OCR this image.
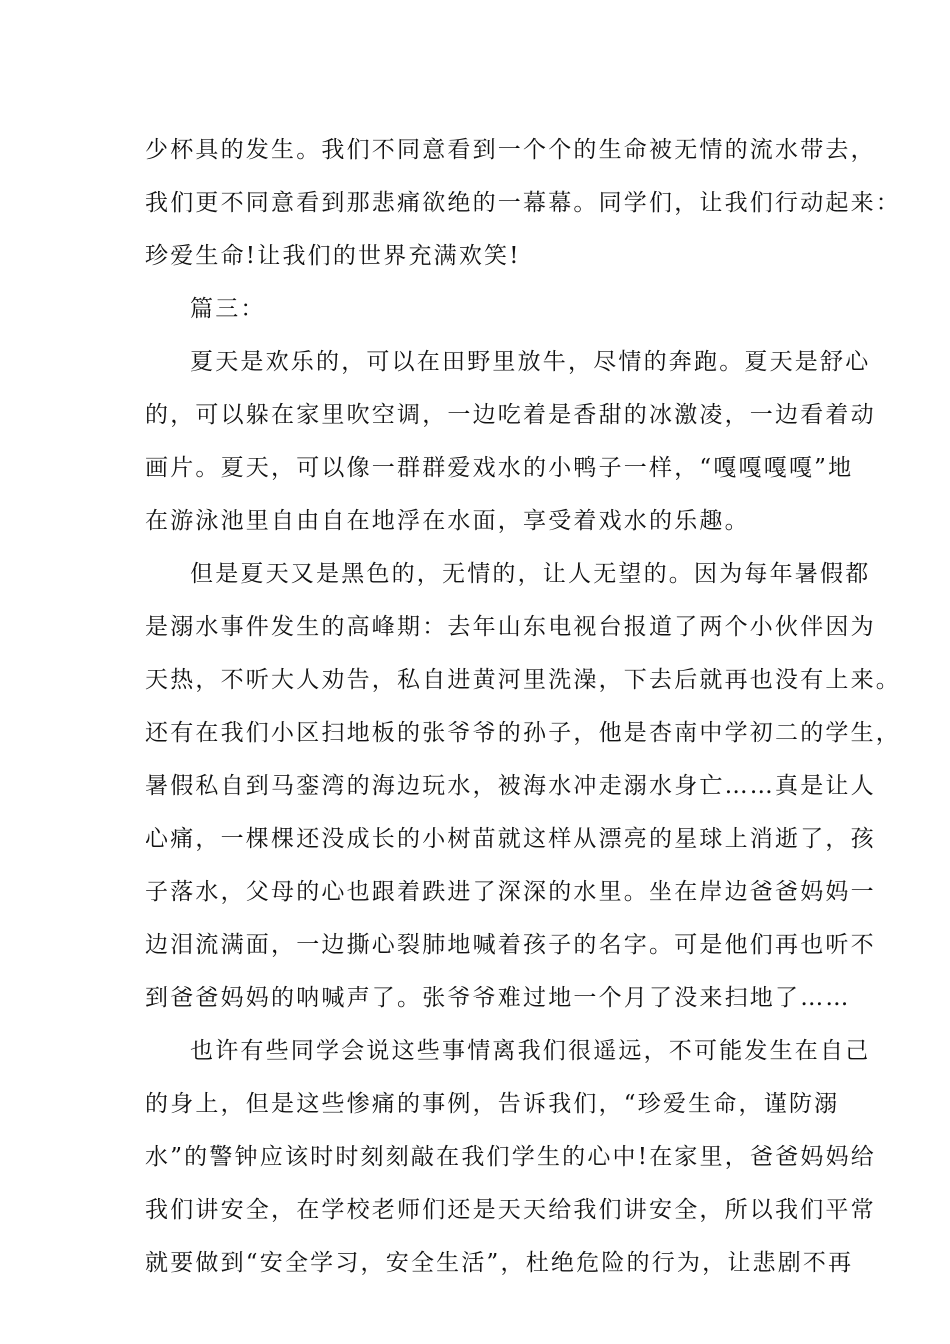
少杯具的发生。我们不同意看到一个个的生命被无情的流水带去，
我们更不同意看到那悲痛欲绝的一幕幕。同学们，让我们行动起来：
珍爱生命!让我们的世界充满欢笑!
篇三：
夏天是欢乐的，可以在田野里放牛，尽情的奔跑。夏天是舒心
的，可以躲在家里吹空调，一边吃着是香甜的冰激凌，一边看着动
画片。夏天，可以像一群群爱戏水的小鸭子一样，“嘎嘎嘎嘎”地
在游泳池里自由自在地浮在水面，享受着戏水的乐趣。
但是夏天又是黑色的，无情的，让人无望的。因为每年暑假都
是溺水事件发生的高峰期：去年山东电视台报道了两个小伙伴因为
天热，不听大人劝告，私自进黄河里洗澡，下去后就再也没有上来。
还有在我们小区扫地板的张爷爷的孙子，他是杏南中学初二的学生，
暑假私自到马銮湾的海边玩水，被海水冲走溺水身亡……真是让人
心痛，一棵棵还没成长的小树苗就这样从漂亮的星球上消逝了，孩
子落水，父母的心也跟着跌进了深深的水里。坐在岸边爸爸妈妈一
边泪流满面，一边撕心裂肺地喊着孩子的名字。可是他们再也听不
到爸爸妈妈的呐喊声了。张爷爷难过地一个月了没来扫地了……
也许有些同学会说这些事情离我们很遥远，不可能发生在自己
的身上，但是这些惨痛的事例，告诉我们，“珍爱生命，谨防溺
水”的警钟应该时时刻刻敲在我们学生的心中!在家里，爸爸妈妈给
我们讲安全，在学校老师们还是天天给我们讲安全，所以我们平常
就要做到“安全学习，安全生活”，杜绝危险的行为，让悲剧不再
